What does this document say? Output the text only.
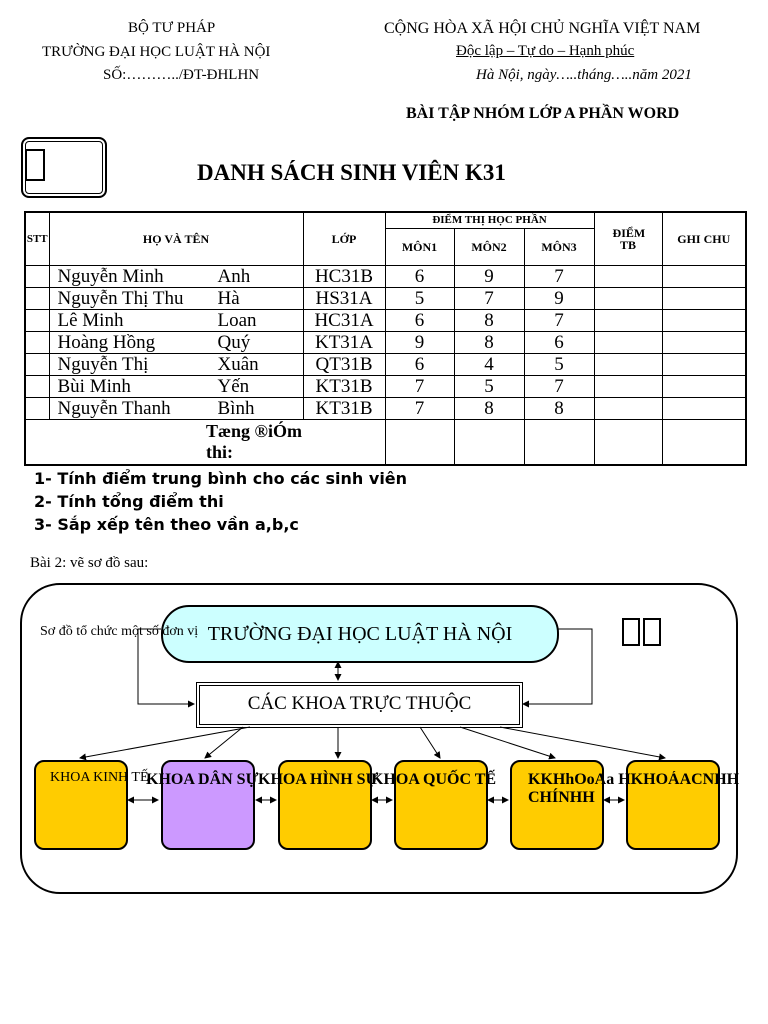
BỘ TƯ PHÁP
TRƯỜNG ĐẠI HỌC LUẬT HÀ NỘI
SỐ:………../ĐT-ĐHLHN
CỘNG HÒA XÃ HỘI CHỦ NGHĨA VIỆT NAM
Độc lập – Tự do – Hạnh phúc
Hà Nội, ngày…..tháng…..năm 2021
BÀI TẬP NHÓM LỚP A PHẦN WORD
DANH SÁCH SINH VIÊN K31
STT	HỌ VÀ TÊN	LỚP	ĐIỂM THỊ HỌC PHẦN			ĐIỂM TB	GHI CHU
			MÔN1	MÔN2	MÔN3		
	Nguyễn Minh Anh	HC31B	6	9	7		
	Nguyễn Thị Thu Hà	HS31A	5	7	9		
	Lê Minh Loan	HC31A	6	8	7		
	Hoàng Hồng Quý	KT31A	9	8	6		
	Nguyễn Thị Xuân	QT31B	6	4	5		
	Bùi Minh Yến	KT31B	7	5	7		
	Nguyễn Thanh Bình	KT31B	7	8	8		

Tæng ®iÓm
thi:							

1- Tính điểm trung bình cho các sinh viên
2- Tính tổng điểm thi
3- Sắp xếp tên theo vần a,b,c
Bài 2: vẽ sơ đồ sau:
TRƯỜNG ĐẠI HỌC LUẬT HÀ NỘI
Sơ đồ tổ chức một số đơn vị
CÁC KHOA TRỰC THUỘC
KHOA KINH TẾ
KHOA DÂN SỰ KHOA HÌNH SỰ
KHOA QUỐC TẾ KKHhOoAa HKHOÁACNHH CHÍNHH
